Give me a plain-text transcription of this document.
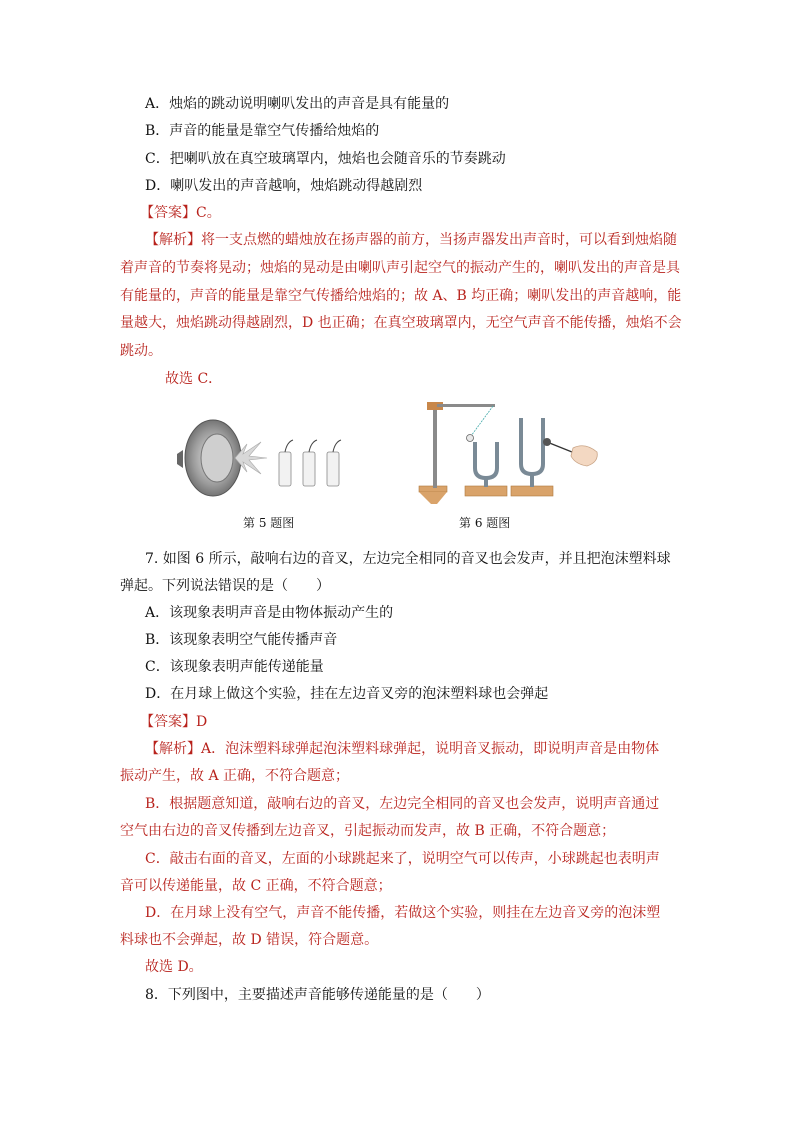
A．烛焰的跳动说明喇叭发出的声音是具有能量的
B．声音的能量是靠空气传播给烛焰的
C．把喇叭放在真空玻璃罩内，烛焰也会随音乐的节奏跳动
D．喇叭发出的声音越响，烛焰跳动得越剧烈
【答案】C。
【解析】将一支点燃的蜡烛放在扬声器的前方，当扬声器发出声音时，可以看到烛焰随
着声音的节奏将晃动；烛焰的晃动是由喇叭声引起空气的振动产生的，喇叭发出的声音是具
有能量的，声音的能量是靠空气传播给烛焰的；故 A、B 均正确；喇叭发出的声音越响，能
量越大，烛焰跳动得越剧烈，D 也正确；在真空玻璃罩内，无空气声音不能传播，烛焰不会
跳动。
故选 C．
第 5 题图	第 6 题图
7. 如图 6 所示，敲响右边的音叉，左边完全相同的音叉也会发声，并且把泡沫塑料球
弹起。下列说法错误的是（　　）
A．该现象表明声音是由物体振动产生的
B．该现象表明空气能传播声音
C．该现象表明声能传递能量
D．在月球上做这个实验，挂在左边音叉旁的泡沫塑料球也会弹起
【答案】D
【解析】A．泡沫塑料球弹起泡沫塑料球弹起，说明音叉振动，即说明声音是由物体
振动产生，故 A 正确，不符合题意；
B．根据题意知道，敲响右边的音叉，左边完全相同的音叉也会发声，说明声音通过
空气由右边的音叉传播到左边音叉，引起振动而发声，故 B 正确，不符合题意；
C．敲击右面的音叉，左面的小球跳起来了，说明空气可以传声，小球跳起也表明声
音可以传递能量，故 C 正确，不符合题意；
D．在月球上没有空气，声音不能传播，若做这个实验，则挂在左边音叉旁的泡沫塑
料球也不会弹起，故 D 错误，符合题意。
故选 D。
8．下列图中，主要描述声音能够传递能量的是（　　）
